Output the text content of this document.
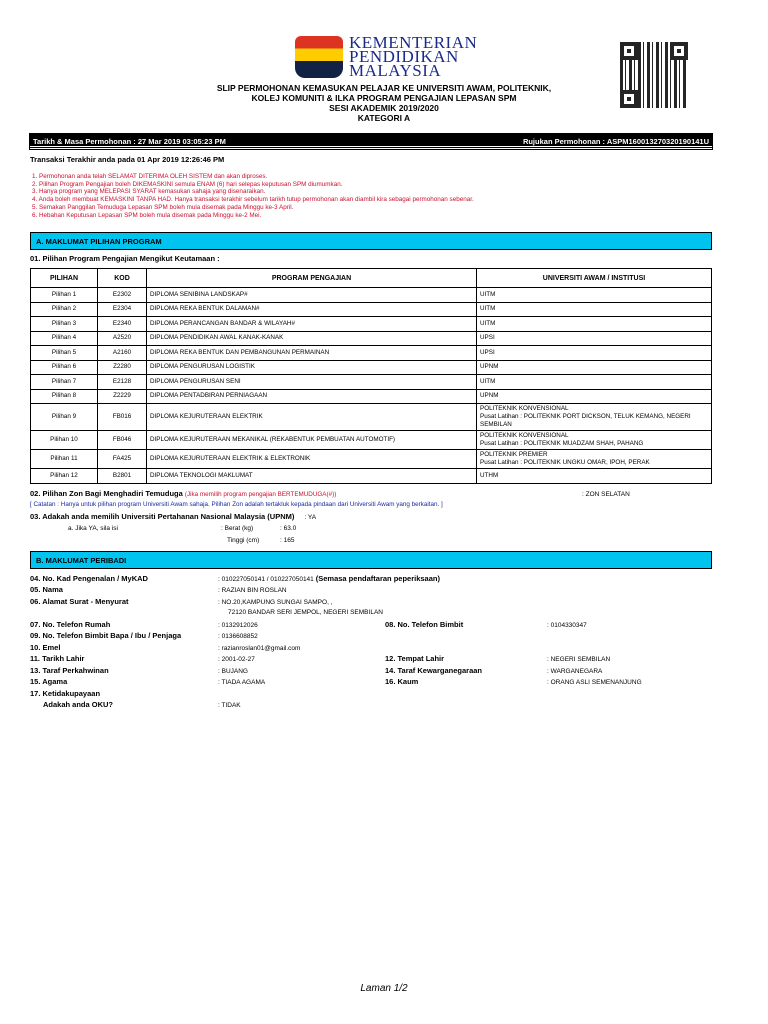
KEMENTERIAN
PENDIDIKAN
MALAYSIA
SLIP PERMOHONAN KEMASUKAN PELAJAR KE UNIVERSITI AWAM, POLITEKNIK,
KOLEJ KOMUNITI & ILKA PROGRAM PENGAJIAN LEPASAN SPM
SESI AKADEMIK 2019/2020
KATEGORI A
Tarikh & Masa Permohonan : 27 Mar 2019 03:05:23 PM	Rujukan Permohonan : ASPM160013270320190141U
Transaksi Terakhir anda pada 01 Apr 2019 12:26:46 PM
1. Permohonan anda telah SELAMAT DITERIMA OLEH SISTEM dan akan diproses.
2. Pilihan Program Pengajian boleh DIKEMASKINI semula ENAM (6) hari selepas keputusan SPM diumumkan.
3. Hanya program yang MELEPASI SYARAT kemasukan sahaja yang disenaraikan.
4. Anda boleh membuat KEMASKINI TANPA HAD. Hanya transaksi terakhir sebelum tarikh tutup permohonan akan diambil kira sebagai permohonan sebenar.
5. Semakan Panggilan Temuduga Lepasan SPM boleh mula disemak pada Minggu ke-3 April.
6. Hebahan Keputusan Lepasan SPM boleh mula disemak pada Minggu ke-2 Mei.
A. MAKLUMAT PILIHAN PROGRAM
01. Pilihan Program Pengajian Mengikut Keutamaan :
PILIHAN	KOD	PROGRAM PENGAJIAN	UNIVERSITI AWAM / INSTITUSI
Pilihan 1	E2302	DIPLOMA SENIBINA LANDSKAP#	UITM

Pilihan 2	E2304	DIPLOMA REKA BENTUK DALAMAN#	UITM

Pilihan 3	E2340	DIPLOMA PERANCANGAN BANDAR & WILAYAH#	UITM

Pilihan 4	A2520	DIPLOMA PENDIDIKAN AWAL KANAK-KANAK	UPSI

Pilihan 5	A2160	DIPLOMA REKA BENTUK DAN PEMBANGUNAN PERMAINAN	UPSI

Pilihan 6	Z2280	DIPLOMA PENGURUSAN LOGISTIK	UPNM

Pilihan 7	E2128	DIPLOMA PENGURUSAN SENI	UITM

Pilihan 8	Z2229	DIPLOMA PENTADBIRAN PERNIAGAAN	UPNM

Pilihan 9	FB016	DIPLOMA KEJURUTERAAN ELEKTRIK	POLITEKNIK KONVENSIONAL
Pusat Latihan : POLITEKNIK PORT DICKSON, TELUK KEMANG, NEGERI SEMBILAN

Pilihan 10	FB046	DIPLOMA KEJURUTERAAN MEKANIKAL (REKABENTUK PEMBUATAN AUTOMOTIF)	POLITEKNIK KONVENSIONAL
Pusat Latihan : POLITEKNIK MUADZAM SHAH, PAHANG

Pilihan 11	FA425	DIPLOMA KEJURUTERAAN ELEKTRIK & ELEKTRONIK	POLITEKNIK PREMIER
Pusat Latihan : POLITEKNIK UNGKU OMAR, IPOH, PERAK

Pilihan 12	B2801	DIPLOMA TEKNOLOGI MAKLUMAT	UTHM
02. Pilihan Zon Bagi Menghadiri Temuduga (Jika memilih program pengajian BERTEMUDUGA(#))	: ZON SELATAN
[ Catatan : Hanya untuk pilihan program Universiti Awam sahaja. Pilihan Zon adalah tertakluk kepada pindaan dari Universiti Awam yang berkaitan. ]
03. Adakah anda memilih Universiti Pertahanan Nasional Malaysia (UPNM) : YA
a. Jika YA, sila isi	: Berat (kg)	: 63.0
Tinggi (cm)	: 165
B. MAKLUMAT PERIBADI
04. No. Kad Pengenalan / MyKAD	: 010227050141 / 010227050141 (Semasa pendaftaran peperiksaan)
05. Nama	: RAZIAN BIN ROSLAN
06. Alamat Surat - Menyurat	: NO.20,KAMPUNG SUNGAI SAMPO, ,
72120 BANDAR SERI JEMPOL, NEGERI SEMBILAN
07. No. Telefon Rumah	: 0132912026	08. No. Telefon Bimbit	: 0104330347
09. No. Telefon Bimbit Bapa / Ibu / Penjaga	: 0136608852
10. Emel	: razianroslan01@gmail.com
11. Tarikh Lahir	: 2001-02-27	12. Tempat Lahir	: NEGERI SEMBILAN
13. Taraf Perkahwinan	: BUJANG	14. Taraf Kewarganegaraan	: WARGANEGARA
15. Agama	: TIADA AGAMA	16. Kaum	: ORANG ASLI SEMENANJUNG
17. Ketidakupayaan
Adakah anda OKU?	: TIDAK
Laman 1/2
